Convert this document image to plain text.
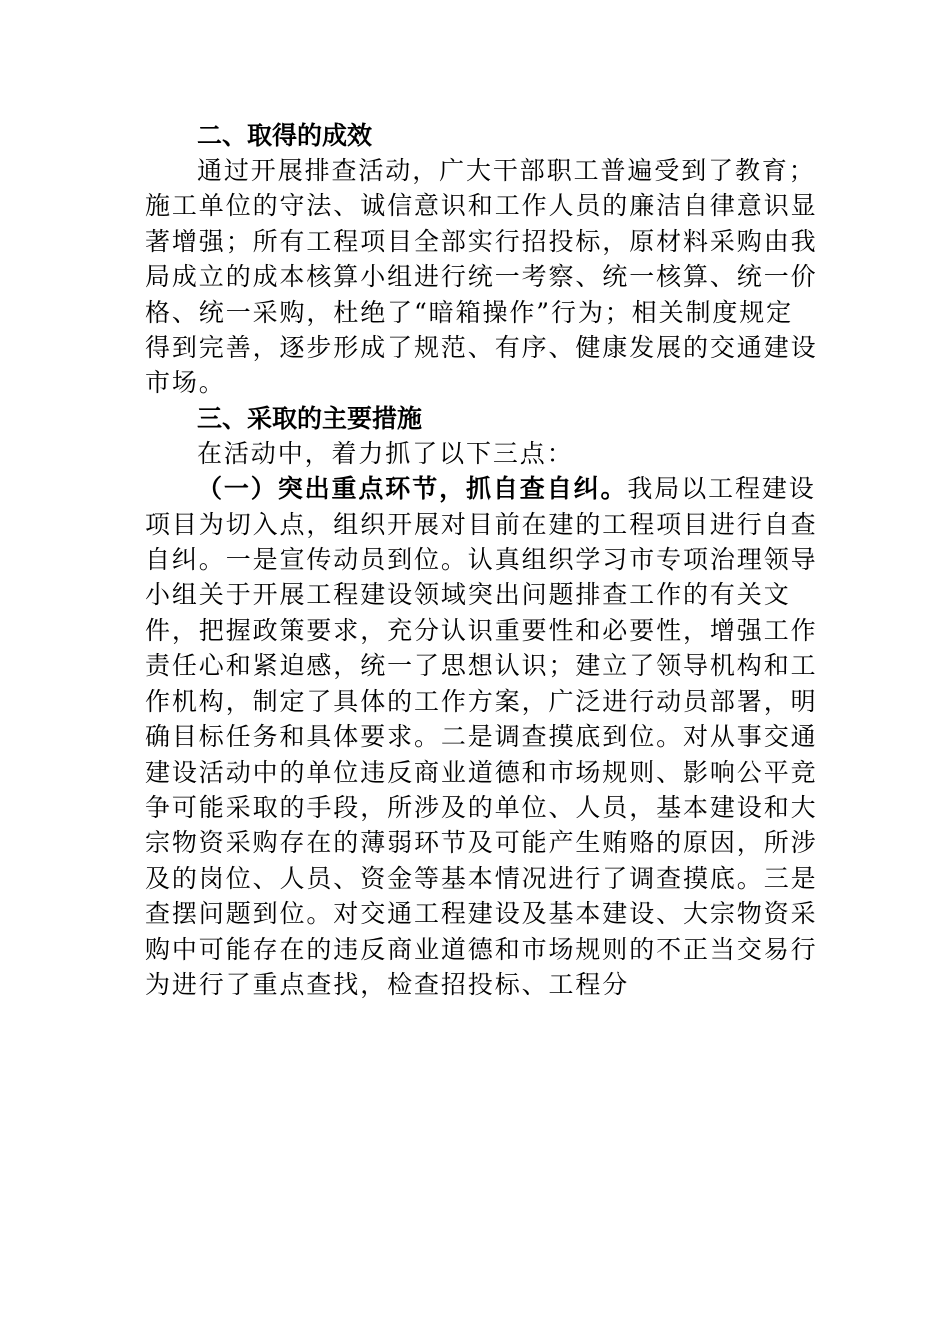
二、取得的成效
通过开展排查活动，广大干部职工普遍受到了教育；
施工单位的守法、诚信意识和工作人员的廉洁自律意识显
著增强；所有工程项目全部实行招投标，原材料采购由我
局成立的成本核算小组进行统一考察、统一核算、统一价
格、统一采购，杜绝了“暗箱操作”行为；相关制度规定
得到完善，逐步形成了规范、有序、健康发展的交通建设
市场。
三、采取的主要措施
在活动中，着力抓了以下三点：
（一）突出重点环节，抓自查自纠。我局以工程建设
项目为切入点，组织开展对目前在建的工程项目进行自查
自纠。一是宣传动员到位。认真组织学习市专项治理领导
小组关于开展工程建设领域突出问题排查工作的有关文
件，把握政策要求，充分认识重要性和必要性，增强工作
责任心和紧迫感，统一了思想认识；建立了领导机构和工
作机构，制定了具体的工作方案，广泛进行动员部署，明
确目标任务和具体要求。二是调查摸底到位。对从事交通
建设活动中的单位违反商业道德和市场规则、影响公平竞
争可能采取的手段，所涉及的单位、人员，基本建设和大
宗物资采购存在的薄弱环节及可能产生贿赂的原因，所涉
及的岗位、人员、资金等基本情况进行了调查摸底。三是
查摆问题到位。对交通工程建设及基本建设、大宗物资采
购中可能存在的违反商业道德和市场规则的不正当交易行
为进行了重点查找，检查招投标、工程分
